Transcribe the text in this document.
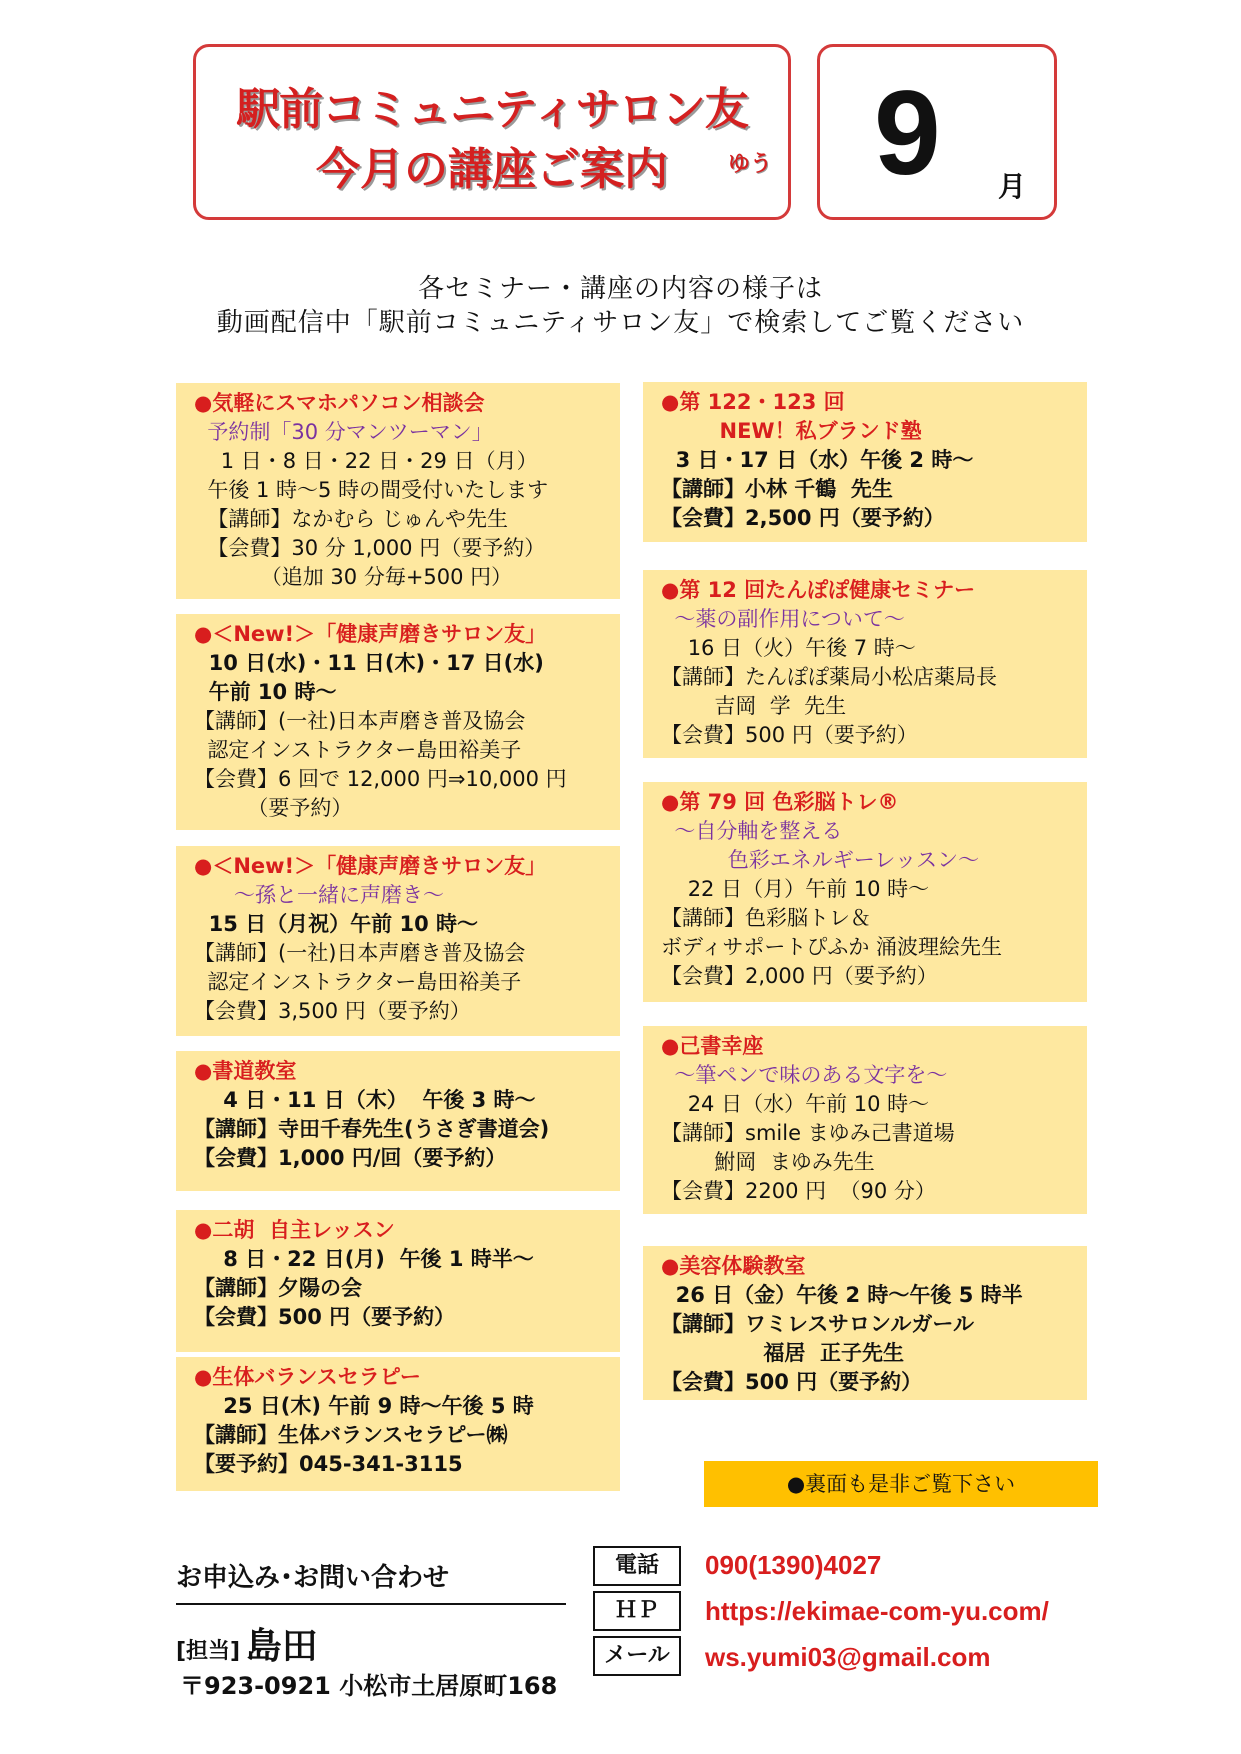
駅前コミュニティサロン友
今月の講座ご案内	ゆう 9 月
各セミナー・講座の内容の様子は
動画配信中「駅前コミュニティサロン友」で検索してご覧ください
●気軽にスマホパソコン相談会
予約制「30 分マンツーマン」
1 日・8 日・22 日・29 日（月）
午後 1 時～5 時の間受付いたします
【講師】なかむら じゅんや先生
【会費】30 分 1,000 円（要予約）
（追加 30 分毎+500 円）
●＜New!＞「健康声磨きサロン友」
10 日(水)・11 日(木)・17 日(水)
午前 10 時～
【講師】(一社)日本声磨き普及協会
認定インストラクター島田裕美子
【会費】6 回で 12,000 円⇒10,000 円
（要予約）
●＜New!＞「健康声磨きサロン友」
～孫と一緒に声磨き～
15 日（月祝）午前 10 時～
【講師】(一社)日本声磨き普及協会
認定インストラクター島田裕美子
【会費】3,500 円（要予約）
●書道教室
4 日・11 日（木）  午後 3 時～
【講師】寺田千春先生(うさぎ書道会)
【会費】1,000 円/回（要予約）
●二胡  自主レッスン
8 日・22 日(月)  午後 1 時半～
【講師】夕陽の会
【会費】500 円（要予約）
●生体バランスセラピー
25 日(木) 午前 9 時～午後 5 時
【講師】生体バランスセラピー㈱
【要予約】045-341-3115
●第 122・123 回
NEW！私ブランド塾
3 日・17 日（水）午後 2 時～
【講師】小林 千鶴  先生
【会費】2,500 円（要予約）
●第 12 回たんぽぽ健康セミナー
～薬の副作用について～
16 日（火）午後 7 時～
【講師】たんぽぽ薬局小松店薬局長
吉岡  学  先生
【会費】500 円（要予約）
●第 79 回 色彩脳トレ®
～自分軸を整える
色彩エネルギーレッスン～
22 日（月）午前 10 時～
【講師】色彩脳トレ＆
ボディサポートぴふか 涌波理絵先生
【会費】2,000 円（要予約）
●己書幸座
～筆ペンで味のある文字を～
24 日（水）午前 10 時～
【講師】smile まゆみ己書道場
鮒岡  まゆみ先生
【会費】2200 円  （90 分）
●美容体験教室
26 日（金）午後 2 時～午後 5 時半
【講師】ワミレスサロンルガール
福居  正子先生
【会費】500 円（要予約）
●裏面も是非ご覧下さい
お申込み･お問い合わせ
[担当] 島田
〒923-0921 小松市土居原町168
電話	090(1390)4027
ＨＰ	https://ekimae-com-yu.com/
メール	ws.yumi03@gmail.com
